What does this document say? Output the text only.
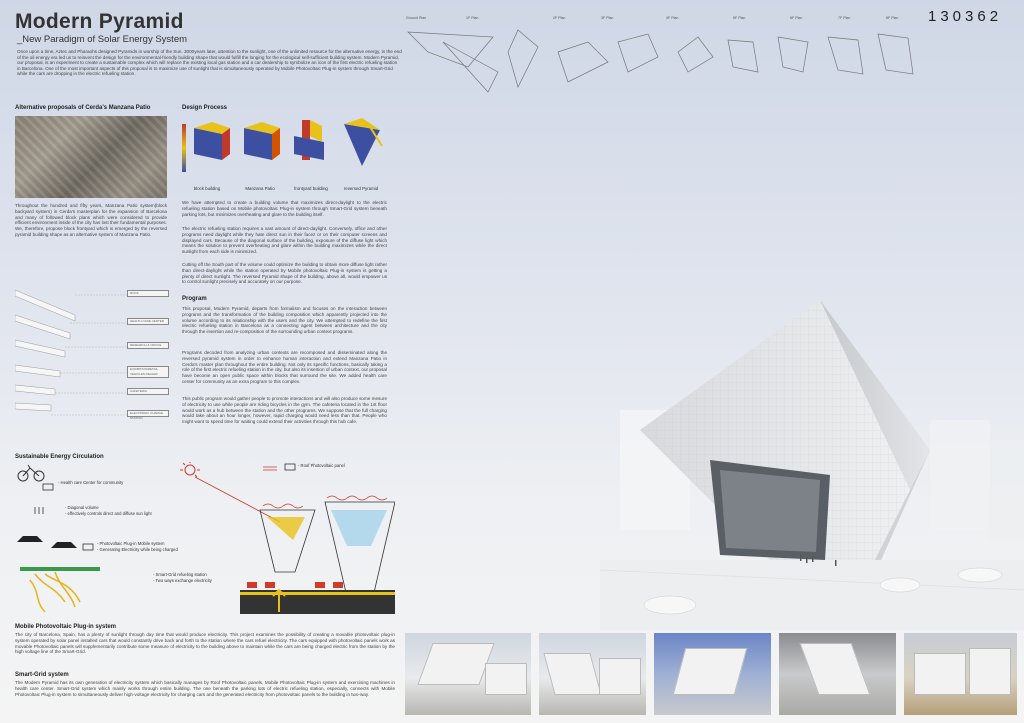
Modern Pyramid
_New Paradigm of Solar Energy System
Once upon a time, Aztec and Pharaohs designed Pyramids in worship of the Sun. 3000years later, attention to the sunlight, one of the unlimited resource for the alternative energy, in the end of the oil energy era led us to reinvent the design for the environmental-friendly building shape that would fulfill the longing for the ecological self-sufficient building system. Modern Pyramid, our proposal, is an experiment to create a sustainable complex which will replace the existing local gas station and a car dealership to symbolize an icon of the first electric refueling station in Barcelona. One of the most important aspects of this proposal is to maximize use of sunlight that is simultaneously operated by Mobile Photovoltaic Plug-in system through Smart-Grid while the cars are dropping in the electric refueling station.
130362
Ground Plan	1F Plan	2F Plan	3F Plan	4F Plan	5F Plan	6F Plan	7F Plan	8F Plan
Alternative proposals of Cerda's Manzana Patio
Throughout the hundred and fifty years, Manzana Patio system(block backyard system) in Cerda's masterplan for the expansion of Barcelona and many of followed block plans which were considered to provide efficient environment inside of the city has lost their fundamental purposes. We, therefore, propose block frontyard which is emerged by the reversed pyramid building shape as an alternative system of Manzana Patio.
ROOF
HEALTH CARE CENTER
RESEARCH & OFFICE
EXHIBITION/RETAIL VEHICLES DEALER
CAFETERIA
ELECTRONIC CHARGE STATION
Design Process
block building	Manzana Patio	frontyard building	reversed Pyramid
We have attempted to create a building volume that maximizes direct-daylight to the electric refueling station based on Mobile photovoltaic Plug-in system through Smart-Grid system beneath parking lots, but minimizes overheating and glare to the building itself.
The electric refueling station requires a vast amount of direct-daylight. Conversely, office and other programs need daylight while they hate direct sun in their facez or on their computer screens and displayed cars. Because of the diagonal surface of the building, exposure of the diffuse light which means the solution to prevent overheating and glare within the building maximizes while the direct sunlight from each side is minimized.
Cutting off the South part of the volume could optimize the building to obtain more diffuse light rather than direct-daylight while the station operated by Mobile photovoltaic Plug-in system is getting a plenty of direct sunlight. The reversed Pyramid shape of the building, above all, would empower us to control sunlight precisely and accurately on our purpose.
Program
This proposal, Modern Pyramid, departs from formalism and focuses on the interaction between programs and the transformation of the building composition which apparently projected into the volume according to its relationship with the users and the city. We attempted to redefine the first electric refueling station in Barcelona as a connecting agent between architecture and the city through the insertion and re-composition of the surrounding urban context programs.
Programs decoded from analyzing urban contexts are recomposed and disseminated along the reversed pyramid system in order to enhance human interaction and extend Manzana Patio in Cerda's master plan throughout the entire building. Not only its specific functions, basically taking a role of the first electric refueling station in the city, but also its insertion of urban context, our proposal have become an open public space within blocks that surround the site. We added health care center for community as an extra program to this complex.
This public program would gather people to promote interactions and will also produce some mesure of electricity to use while people are riding bicycles in the gym. The cafeteria located in the 1st floor would work as a hub between the station and the other programs. We suppose that the full charging would take about an hour longer, however, rapid charging would need less than that. People who might want to spend time for waiting could extend their activities through this hub cafe.
Sustainable Energy Circulation
- Health care Center for community
- Diagonal volume
- effectively controls direct and diffuse sun light
- Photovoltaic Plug-in Mobile system
- Generating Electricity while being charged
- Smart-Grid refueling station
- Two ways exchange electricity
- Roof Photovoltaic panel
Mobile Photovoltaic Plug-in system
The city of Barcelona, Spain, has a plenty of sunlight through day time that would produce electricity. This project examines the possibility of creating a movable photovoltaic plug-in system operated by solar panel installed cars that would constantly drive back and forth to the station where the cars refuel electricity. The cars equipped with photovoltaic panels work as movable Photovoltaic panels will supplementarily contribute some measure of electricity to the building above to maintain while the cars are being charged electric from the station by the high voltage line of the Smart-Grid.
Smart-Grid system
The Modern Pyramid has its own generation of electricity system which basically manages by Roof Photovoltaic panels, Mobile Photovoltaic Plug-in system and exercising machines in health care center. Smart-Grid system which mainly works through entire building. The one beneath the parking lots of electric refueling station, especially, connects with Mobile Photovoltaic Plug-in system to simultaneously deliver high-voltage electricity for charging cars and the generated electricity from photovoltaic panels to the building in two-way.
